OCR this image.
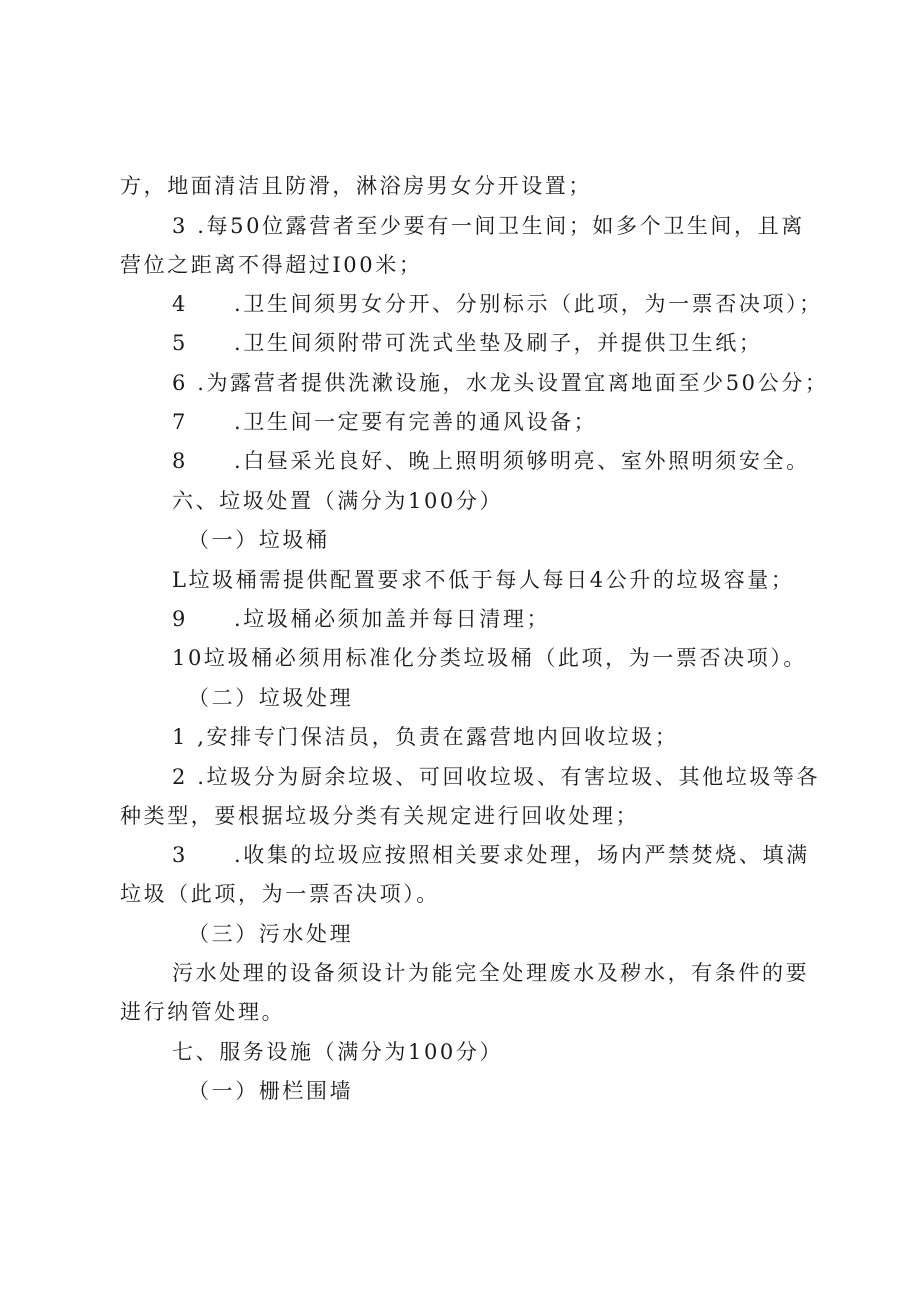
方，地面清洁且防滑，淋浴房男女分开设置；
3 .每50位露营者至少要有一间卫生间；如多个卫生间，且离
营位之距离不得超过I00米；
4 .卫生间须男女分开、分别标示（此项，为一票否决项）；
5 .卫生间须附带可洗式坐垫及刷子，并提供卫生纸；
6 .为露营者提供洗漱设施，水龙头设置宜离地面至少50公分；
7 .卫生间一定要有完善的通风设备；
8 .白昼采光良好、晚上照明须够明亮、室外照明须安全。
六、垃圾处置（满分为100分）
（一）垃圾桶
L垃圾桶需提供配置要求不低于每人每日4公升的垃圾容量；
9 .垃圾桶必须加盖并每日清理；
10垃圾桶必须用标准化分类垃圾桶（此项，为一票否决项）。
（二）垃圾处理
1 ,安排专门保洁员，负责在露营地内回收垃圾；
2 .垃圾分为厨余垃圾、可回收垃圾、有害垃圾、其他垃圾等各
种类型，要根据垃圾分类有关规定进行回收处理；
3 .收集的垃圾应按照相关要求处理，场内严禁焚烧、填满
垃圾（此项，为一票否决项）。
（三）污水处理
污水处理的设备须设计为能完全处理废水及秽水，有条件的要
进行纳管处理。
七、服务设施（满分为100分）
（一）栅栏围墙
